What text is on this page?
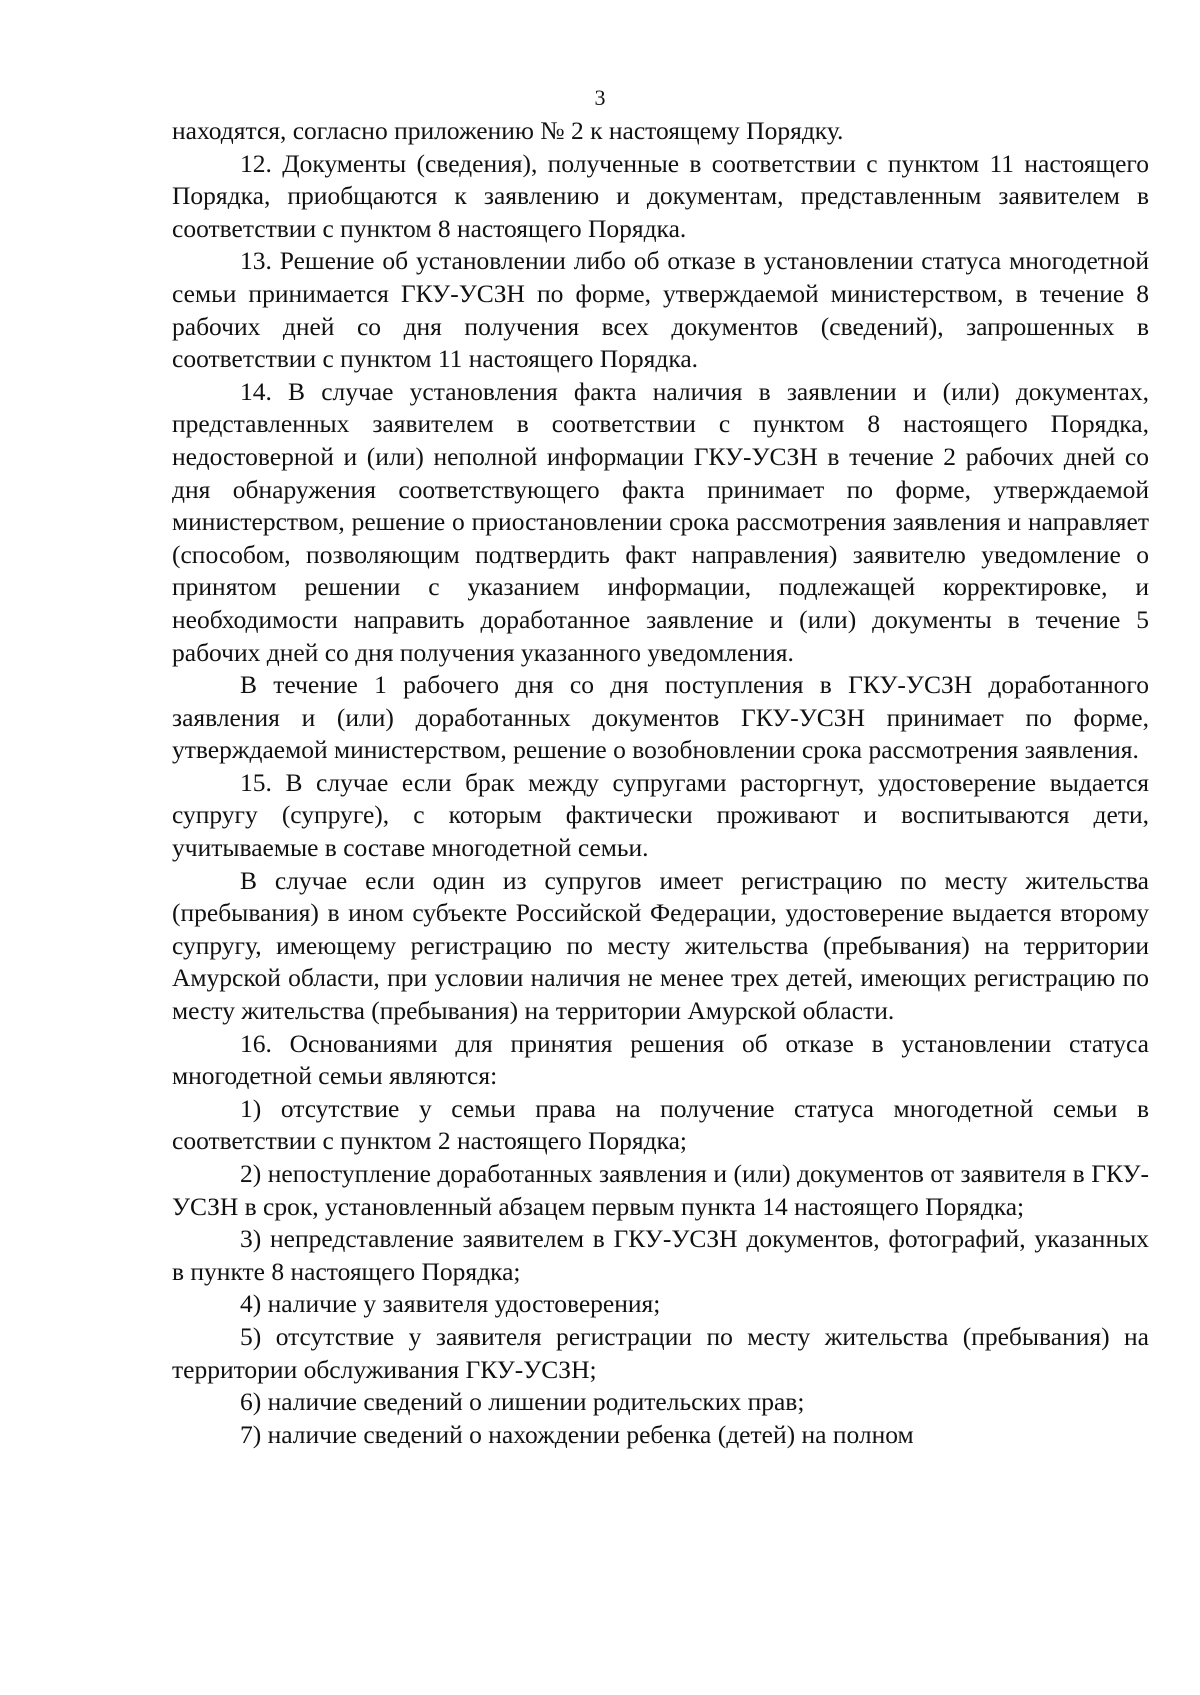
3

находятся, согласно приложению № 2 к настоящему Порядку.

12. Документы (сведения), полученные в соответствии с пунктом 11 настоящего Порядка, приобщаются к заявлению и документам, представленным заявителем в соответствии с пунктом 8 настоящего Порядка.

13. Решение об установлении либо об отказе в установлении статуса многодетной семьи принимается ГКУ-УСЗН по форме, утверждаемой министерством, в течение 8 рабочих дней со дня получения всех документов (сведений), запрошенных в соответствии с пунктом 11 настоящего Порядка.

14. В случае установления факта наличия в заявлении и (или) документах, представленных заявителем в соответствии с пунктом 8 настоящего Порядка, недостоверной и (или) неполной информации ГКУ-УСЗН в течение 2 рабочих дней со дня обнаружения соответствующего факта принимает по форме, утверждаемой министерством, решение о приостановлении срока рассмотрения заявления и направляет (способом, позволяющим подтвердить факт направления) заявителю уведомление о принятом решении с указанием информации, подлежащей корректировке, и необходимости направить доработанное заявление и (или) документы в течение 5 рабочих дней со дня получения указанного уведомления.

В течение 1 рабочего дня со дня поступления в ГКУ-УСЗН доработанного заявления и (или) доработанных документов ГКУ-УСЗН принимает по форме, утверждаемой министерством, решение о возобновлении срока рассмотрения заявления.

15. В случае если брак между супругами расторгнут, удостоверение выдается супругу (супруге), с которым фактически проживают и воспитываются дети, учитываемые в составе многодетной семьи.

В случае если один из супругов имеет регистрацию по месту жительства (пребывания) в ином субъекте Российской Федерации, удостоверение выдается второму супругу, имеющему регистрацию по месту жительства (пребывания) на территории Амурской области, при условии наличия не менее трех детей, имеющих регистрацию по месту жительства (пребывания) на территории Амурской области.

16. Основаниями для принятия решения об отказе в установлении статуса многодетной семьи являются:

1) отсутствие у семьи права на получение статуса многодетной семьи в соответствии с пунктом 2 настоящего Порядка;

2) непоступление доработанных заявления и (или) документов от заявителя в ГКУ-УСЗН в срок, установленный абзацем первым пункта 14 настоящего Порядка;

3) непредставление заявителем в ГКУ-УСЗН документов, фотографий, указанных в пункте 8 настоящего Порядка;

4) наличие у заявителя удостоверения;

5) отсутствие у заявителя регистрации по месту жительства (пребывания) на территории обслуживания ГКУ-УСЗН;

6) наличие сведений о лишении родительских прав;

7) наличие сведений о нахождении ребенка (детей) на полном
